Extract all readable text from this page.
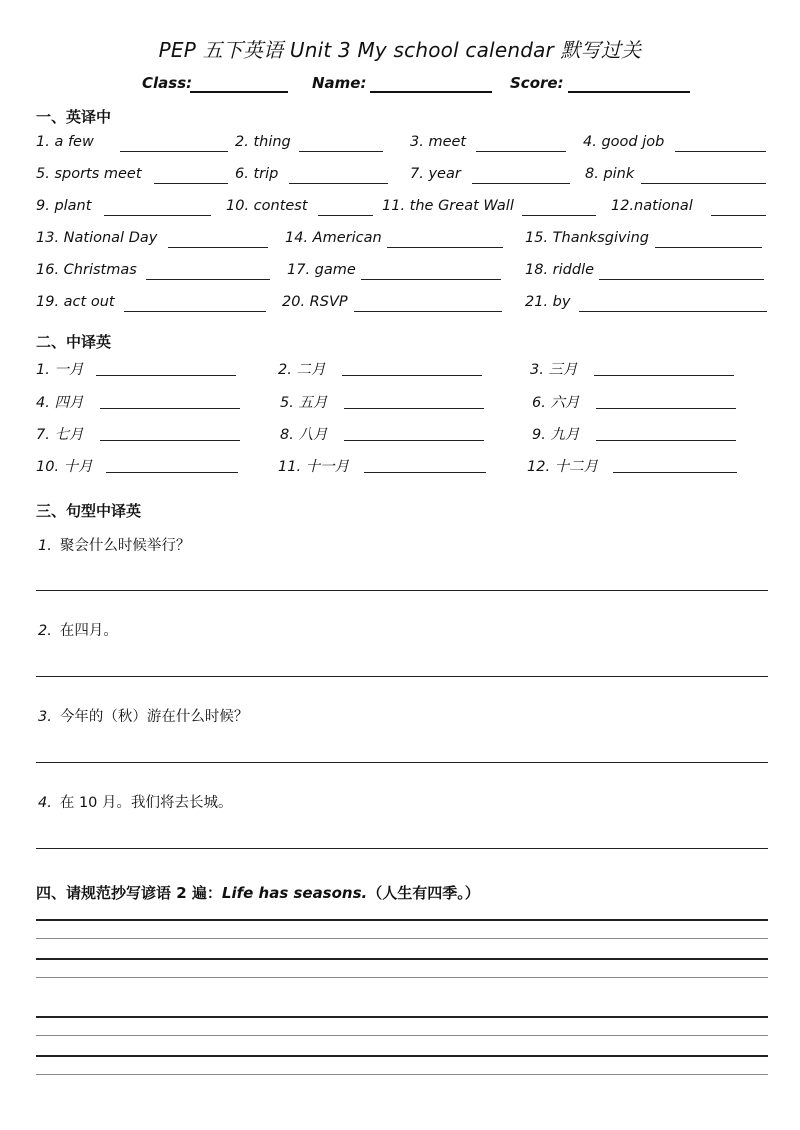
PEP 五下英语 Unit 3 My school calendar 默写过关
Class:	Name:	Score:
一、英译中
1. a few	2. thing	3. meet	4. good job
5. sports meet	6. trip	7. year	8. pink
9. plant	10. contest	11. the Great Wall	12.national
13. National Day	14. American	15. Thanksgiving
16. Christmas	17. game	18. riddle
19. act out	20. RSVP	21. by
二、中译英
1. 一月	2. 二月	3. 三月
4. 四月	5. 五月	6. 六月
7. 七月	8. 八月	9. 九月
10. 十月	11. 十一月	12. 十二月
三、句型中译英
1. 聚会什么时候举行？
2. 在四月。
3. 今年的（秋）游在什么时候？
4. 在 10 月。我们将去长城。
四、请规范抄写谚语 2 遍：Life has seasons.（人生有四季。）
